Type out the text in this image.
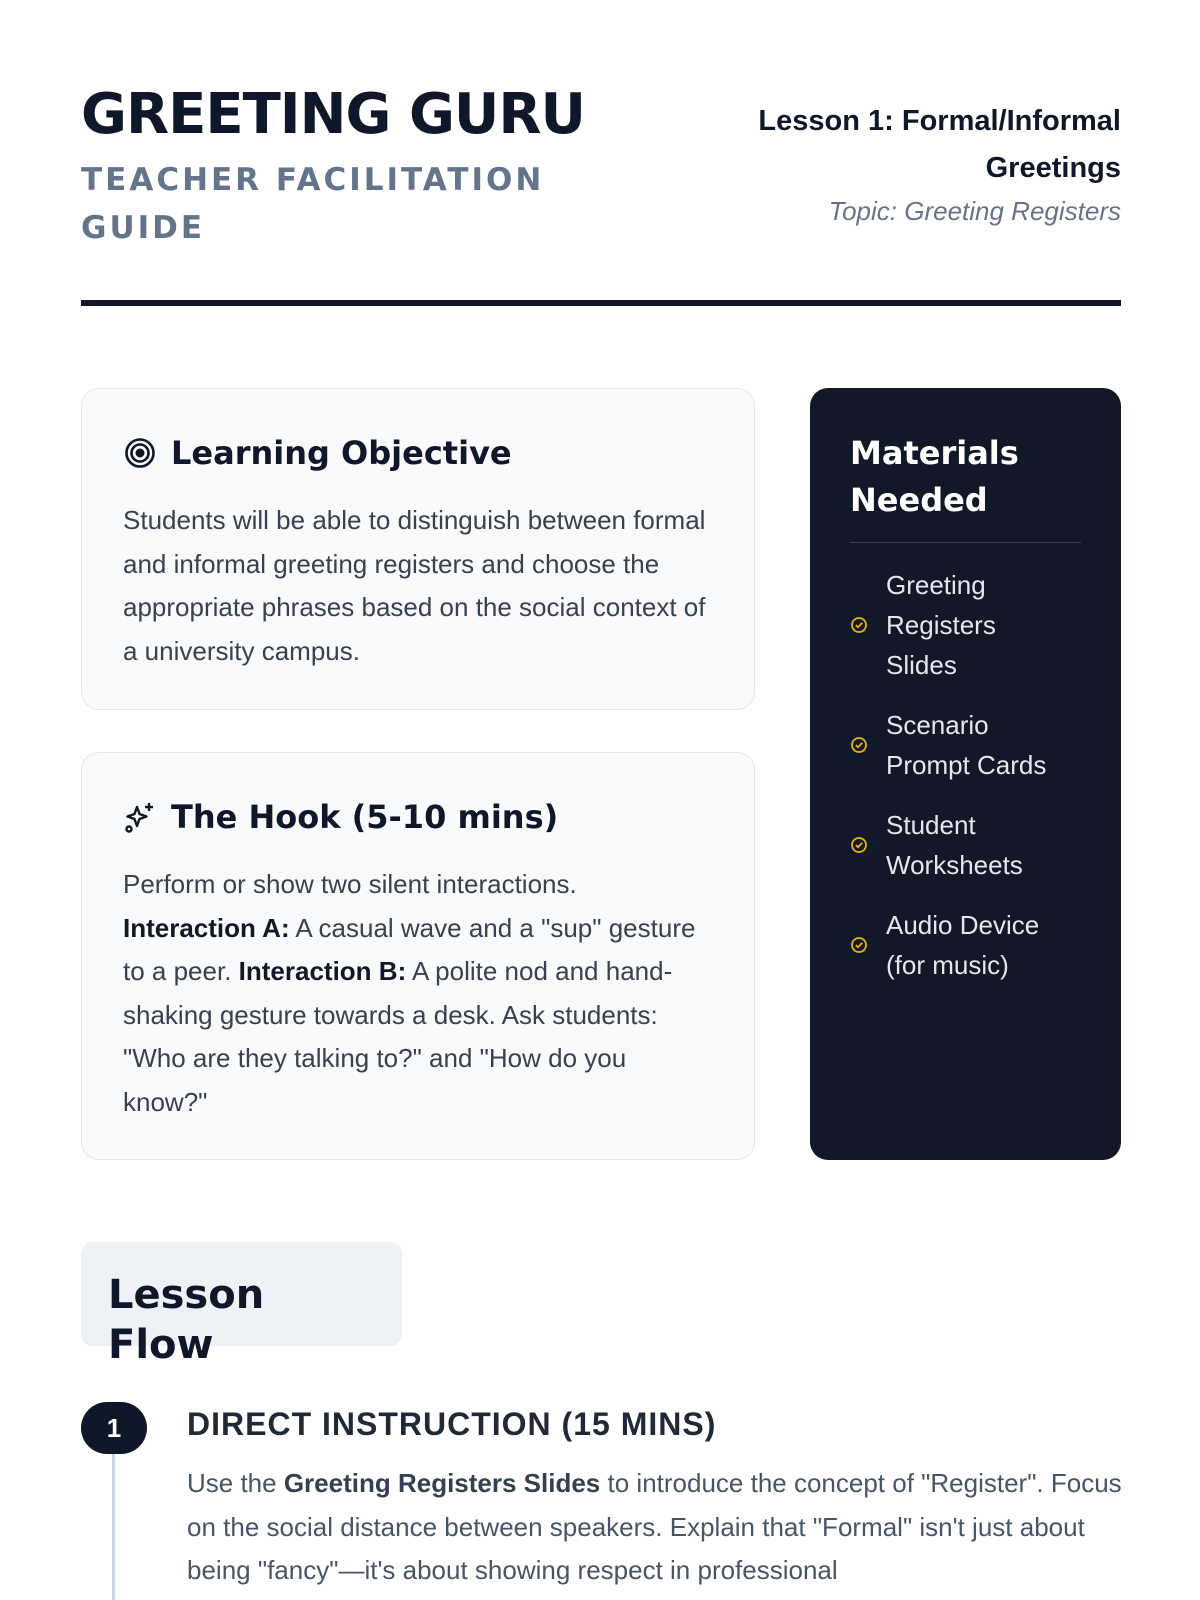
GREETING GURU
TEACHER FACILITATION GUIDE
Lesson 1: Formal/Informal Greetings
Topic: Greeting Registers
Learning Objective

Students will be able to distinguish between formal and informal greeting registers and choose the appropriate phrases based on the social context of a university campus.

The Hook (5-10 mins)

Perform or show two silent interactions.
Interaction A: A casual wave and a "sup" gesture to a peer. Interaction B: A polite nod and hand-shaking gesture towards a desk. Ask students: "Who are they talking to?" and "How do you know?"

Materials Needed
Greeting Registers Slides
Scenario Prompt Cards
Student Worksheets
Audio Device (for music)
Lesson Flow
1	DIRECT INSTRUCTION (15 MINS)

Use the Greeting Registers Slides to introduce the concept of "Register". Focus on the social distance between speakers. Explain that "Formal" isn't just about being "fancy"—it's about showing respect in professional
